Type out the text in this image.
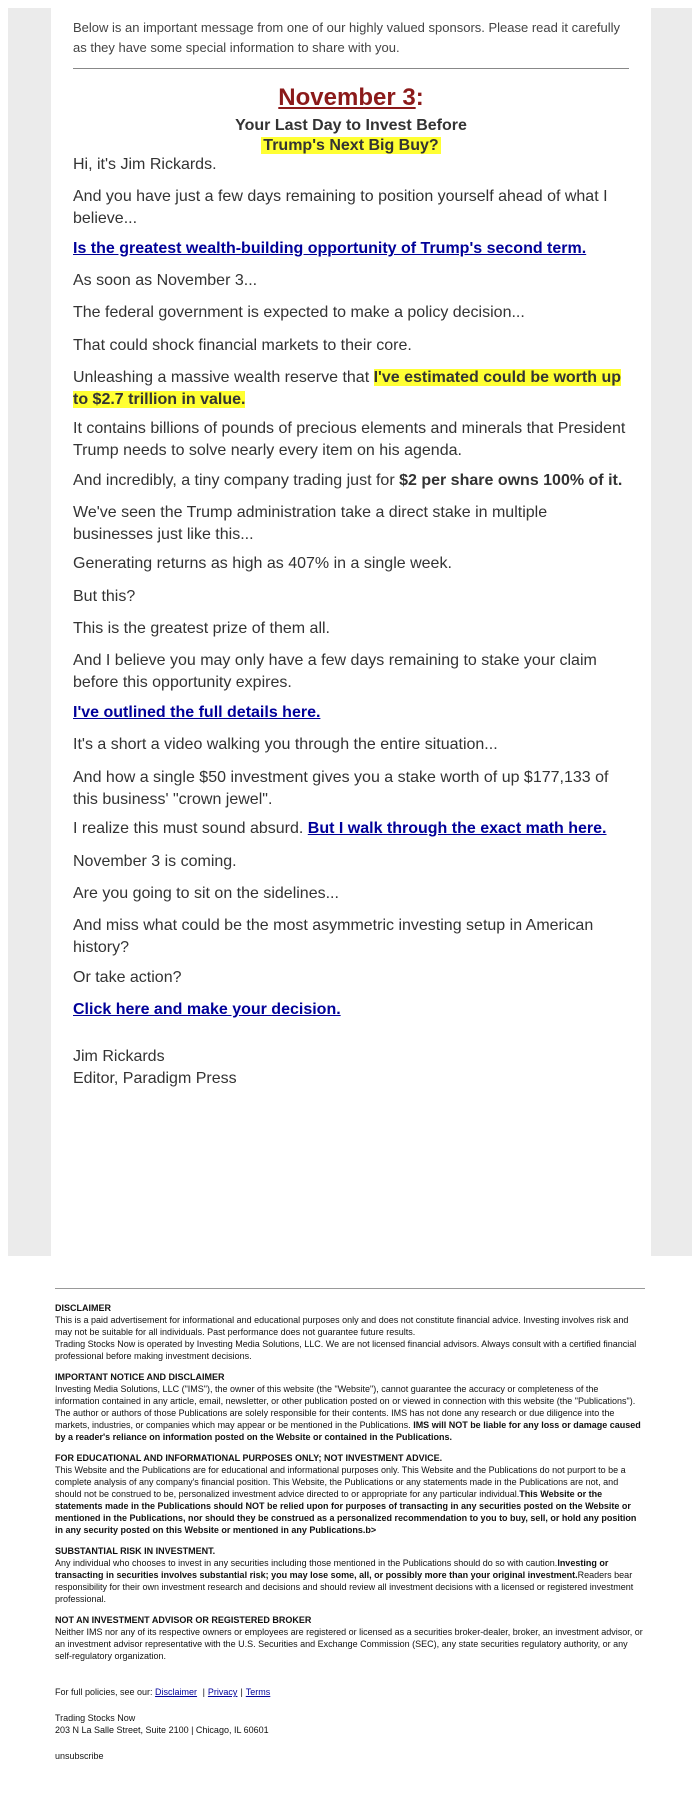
Below is an important message from one of our highly valued sponsors. Please read it carefully as they have some special information to share with you.
November 3:
Your Last Day to Invest Before
Trump's Next Big Buy?
Hi, it's Jim Rickards.
And you have just a few days remaining to position yourself ahead of what I believe...
Is the greatest wealth-building opportunity of Trump's second term.
As soon as November 3...
The federal government is expected to make a policy decision...
That could shock financial markets to their core.
Unleashing a massive wealth reserve that I've estimated could be worth up to $2.7 trillion in value.
It contains billions of pounds of precious elements and minerals that President Trump needs to solve nearly every item on his agenda.
And incredibly, a tiny company trading just for $2 per share owns 100% of it.
We've seen the Trump administration take a direct stake in multiple businesses just like this...
Generating returns as high as 407% in a single week.
But this?
This is the greatest prize of them all.
And I believe you may only have a few days remaining to stake your claim before this opportunity expires.
I've outlined the full details here.
It's a short a video walking you through the entire situation...
And how a single $50 investment gives you a stake worth of up $177,133 of this business' "crown jewel".
I realize this must sound absurd. But I walk through the exact math here.
November 3 is coming.
Are you going to sit on the sidelines...
And miss what could be the most asymmetric investing setup in American history?
Or take action?
Click here and make your decision.
Jim Rickards
Editor, Paradigm Press
DISCLAIMER
This is a paid advertisement for informational and educational purposes only and does not constitute financial advice. Investing involves risk and may not be suitable for all individuals. Past performance does not guarantee future results.
Trading Stocks Now is operated by Investing Media Solutions, LLC. We are not licensed financial advisors. Always consult with a certified financial professional before making investment decisions.
IMPORTANT NOTICE AND DISCLAIMER
Investing Media Solutions, LLC ("IMS"), the owner of this website (the "Website"), cannot guarantee the accuracy or completeness of the information contained in any article, email, newsletter, or other publication posted on or viewed in connection with this website (the "Publications"). The author or authors of those Publications are solely responsible for their contents. IMS has not done any research or due diligence into the markets, industries, or companies which may appear or be mentioned in the Publications. IMS will NOT be liable for any loss or damage caused by a reader's reliance on information posted on the Website or contained in the Publications.
FOR EDUCATIONAL AND INFORMATIONAL PURPOSES ONLY; NOT INVESTMENT ADVICE.
This Website and the Publications are for educational and informational purposes only. This Website and the Publications do not purport to be a complete analysis of any company's financial position. This Website, the Publications or any statements made in the Publications are not, and should not be construed to be, personalized investment advice directed to or appropriate for any particular individual.This Website or the statements made in the Publications should NOT be relied upon for purposes of transacting in any securities posted on the Website or mentioned in the Publications, nor should they be construed as a personalized recommendation to you to buy, sell, or hold any position in any security posted on this Website or mentioned in any Publications.b>
SUBSTANTIAL RISK IN INVESTMENT.
Any individual who chooses to invest in any securities including those mentioned in the Publications should do so with caution.Investing or transacting in securities involves substantial risk; you may lose some, all, or possibly more than your original investment.Readers bear responsibility for their own investment research and decisions and should review all investment decisions with a licensed or registered investment professional.
NOT AN INVESTMENT ADVISOR OR REGISTERED BROKER
Neither IMS nor any of its respective owners or employees are registered or licensed as a securities broker-dealer, broker, an investment advisor, or an investment advisor representative with the U.S. Securities and Exchange Commission (SEC), any state securities regulatory authority, or any self-regulatory organization.
For full policies, see our: Disclaimer | Privacy | Terms
Trading Stocks Now
203 N La Salle Street, Suite 2100 | Chicago, IL 60601
unsubscribe
